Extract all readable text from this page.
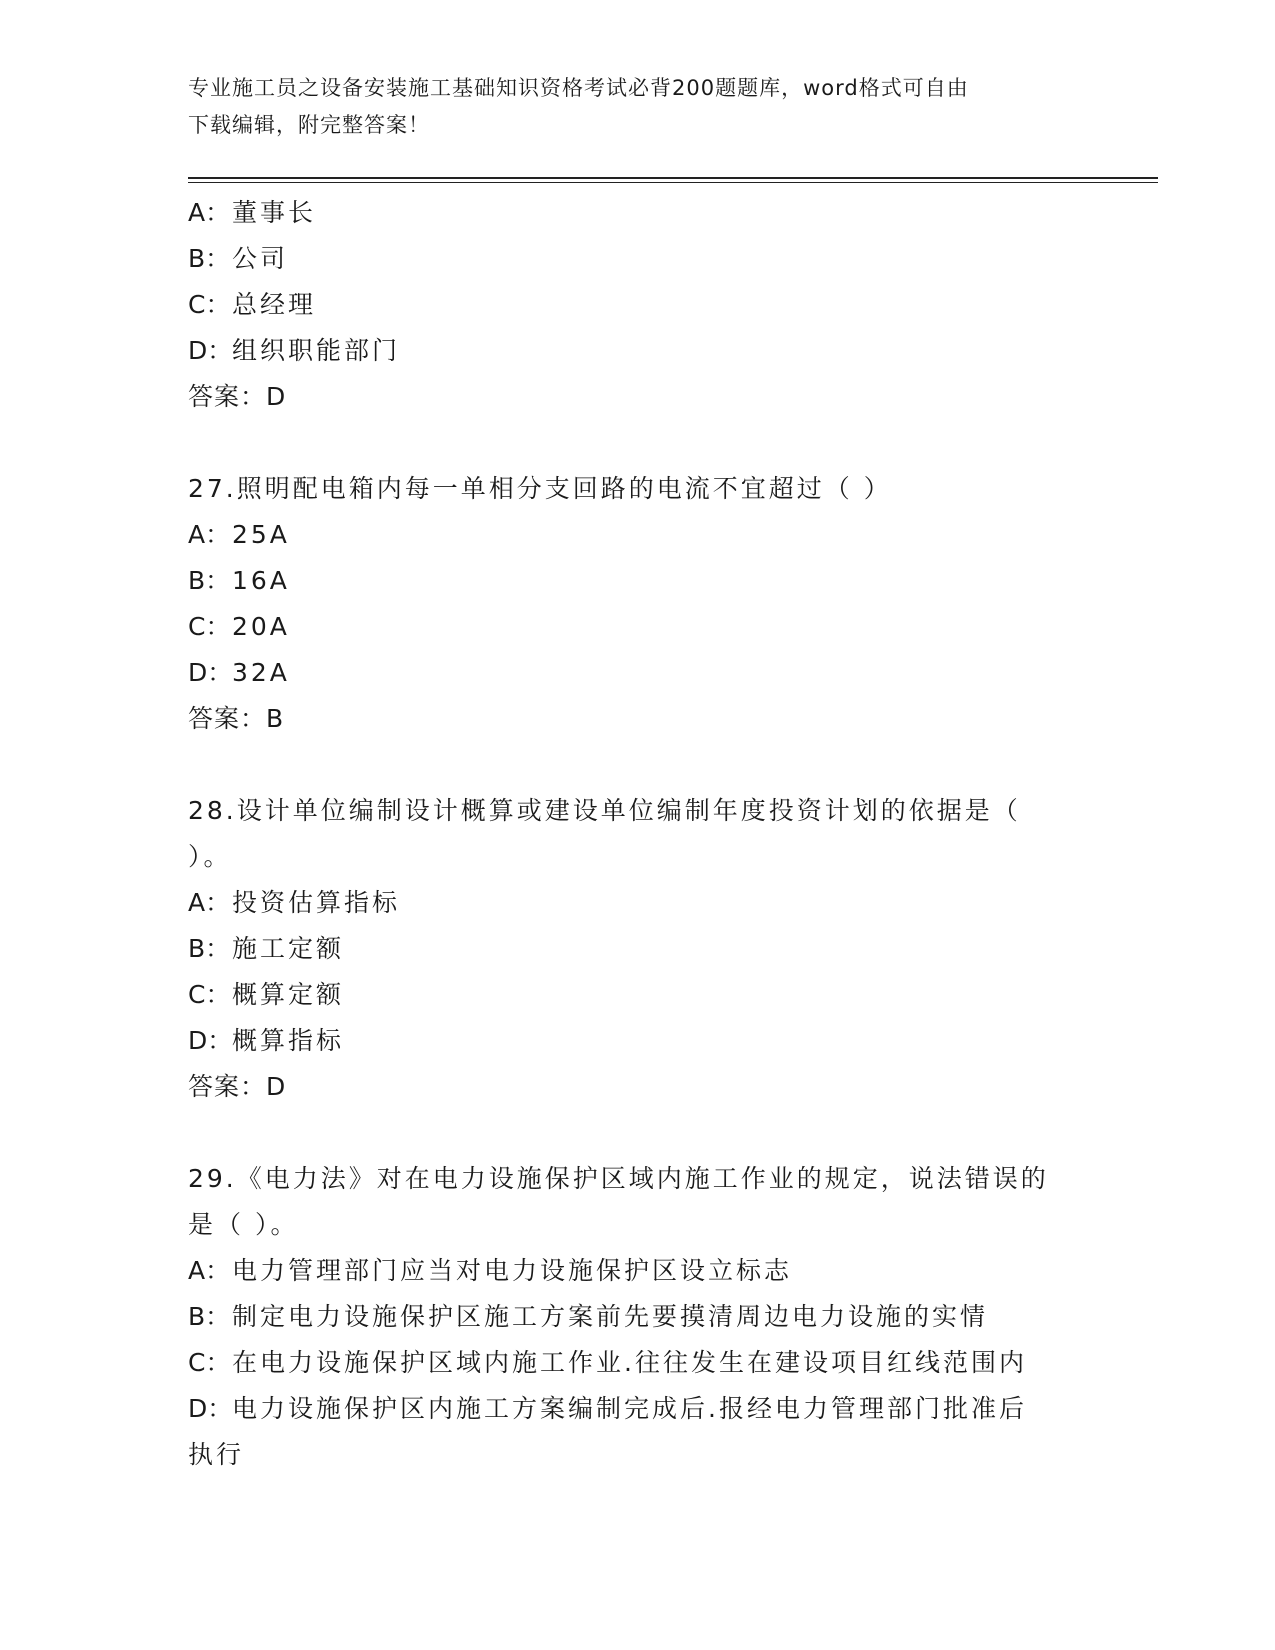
专业施工员之设备安装施工基础知识资格考试必背200题题库，word格式可自由
下载编辑，附完整答案！
A：董事长
B：公司
C：总经理
D：组织职能部门
答案：D
27.照明配电箱内每一单相分支回路的电流不宜超过（ ）
A：25A
B：16A
C：20A
D：32A
答案：B
28.设计单位编制设计概算或建设单位编制年度投资计划的依据是（
）。
A：投资估算指标
B：施工定额
C：概算定额
D：概算指标
答案：D
29.《电力法》对在电力设施保护区域内施工作业的规定，说法错误的
是（ ）。
A：电力管理部门应当对电力设施保护区设立标志
B：制定电力设施保护区施工方案前先要摸清周边电力设施的实情
C：在电力设施保护区域内施工作业.往往发生在建设项目红线范围内
D：电力设施保护区内施工方案编制完成后.报经电力管理部门批准后
执行
